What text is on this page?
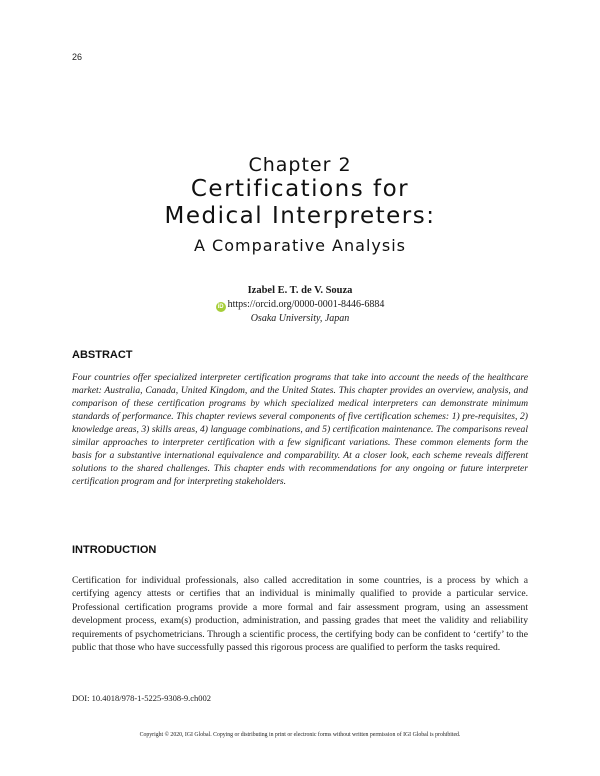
26
Chapter 2
Certifications for
Medical Interpreters:
A Comparative Analysis
Izabel E. T. de V. Souza
iD https://orcid.org/0000-0001-8446-6884
Osaka University, Japan
ABSTRACT
Four countries offer specialized interpreter certification programs that take into account the needs of the healthcare market: Australia, Canada, United Kingdom, and the United States. This chapter provides an overview, analysis, and comparison of these certification programs by which specialized medical interpreters can demonstrate minimum standards of performance. This chapter reviews several components of five certification schemes: 1) pre-requisites, 2) knowledge areas, 3) skills areas, 4) language combinations, and 5) certification maintenance. The comparisons reveal similar approaches to interpreter certification with a few significant variations. These common elements form the basis for a substantive international equivalence and comparability. At a closer look, each scheme reveals different solutions to the shared challenges. This chapter ends with recommendations for any ongoing or future interpreter certification program and for interpreting stakeholders.
INTRODUCTION
Certification for individual professionals, also called accreditation in some countries, is a process by which a certifying agency attests or certifies that an individual is minimally qualified to provide a particular service. Professional certification programs provide a more formal and fair assessment program, using an assessment development process, exam(s) production, administration, and passing grades that meet the validity and reliability requirements of psychometricians. Through a scientific process, the certifying body can be confident to ‘certify’ to the public that those who have successfully passed this rigorous process are qualified to perform the tasks required.
DOI: 10.4018/978-1-5225-9308-9.ch002
Copyright © 2020, IGI Global. Copying or distributing in print or electronic forms without written permission of IGI Global is prohibited.
